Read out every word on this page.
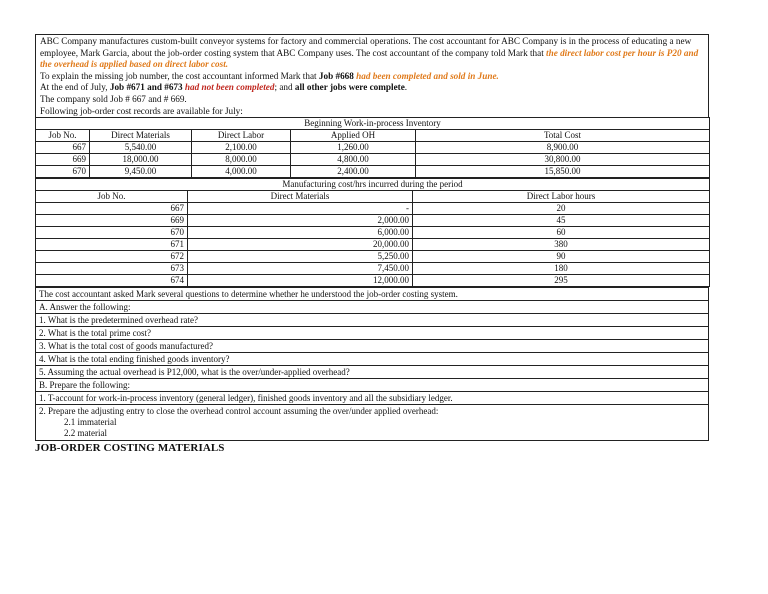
ABC Company manufactures custom-built conveyor systems for factory and commercial operations. The cost accountant for ABC Company is in the process of educating a new employee, Mark Garcia, about the job-order costing system that ABC Company uses. The cost accountant of the company told Mark that the direct labor cost per hour is P20 and the overhead is applied based on direct labor cost.

To explain the missing job number, the cost accountant informed Mark that Job #668 had been completed and sold in June.

At the end of July, Job #671 and #673 had not been completed; and all other jobs were complete.

The company sold Job # 667 and # 669.

Following job-order cost records are available for July:

Beginning Work-in-process Inventory				
Job No.	Direct Materials	Direct Labor	Applied OH	Total Cost
667	5,540.00	2,100.00	1,260.00	8,900.00
669	18,000.00	8,000.00	4,800.00	30,800.00
670	9,450.00	4,000.00	2,400.00	15,850.00
Manufacturing cost/hrs incurred during the period		
Job No.	Direct Materials	Direct Labor hours
667	-	20
669	2,000.00	45
670	6,000.00	60
671	20,000.00	380
672	5,250.00	90
673	7,450.00	180
674	12,000.00	295
The cost accountant asked Mark several questions to determine whether he understood the job-order costing system.
A. Answer the following:
1. What is the predetermined overhead rate?
2. What is the total prime cost?
3. What is the total cost of goods manufactured?
4. What is the total ending finished goods inventory?
5. Assuming the actual overhead is P12,000, what is the over/under-applied overhead?
B. Prepare the following:
1. T-account for work-in-process inventory (general ledger), finished goods inventory and all the subsidiary ledger.

2. Prepare the adjusting entry to close the overhead control account assuming the over/under applied overhead:
2.1 immaterial
2.2 material
JOB-ORDER COSTING MATERIALS
